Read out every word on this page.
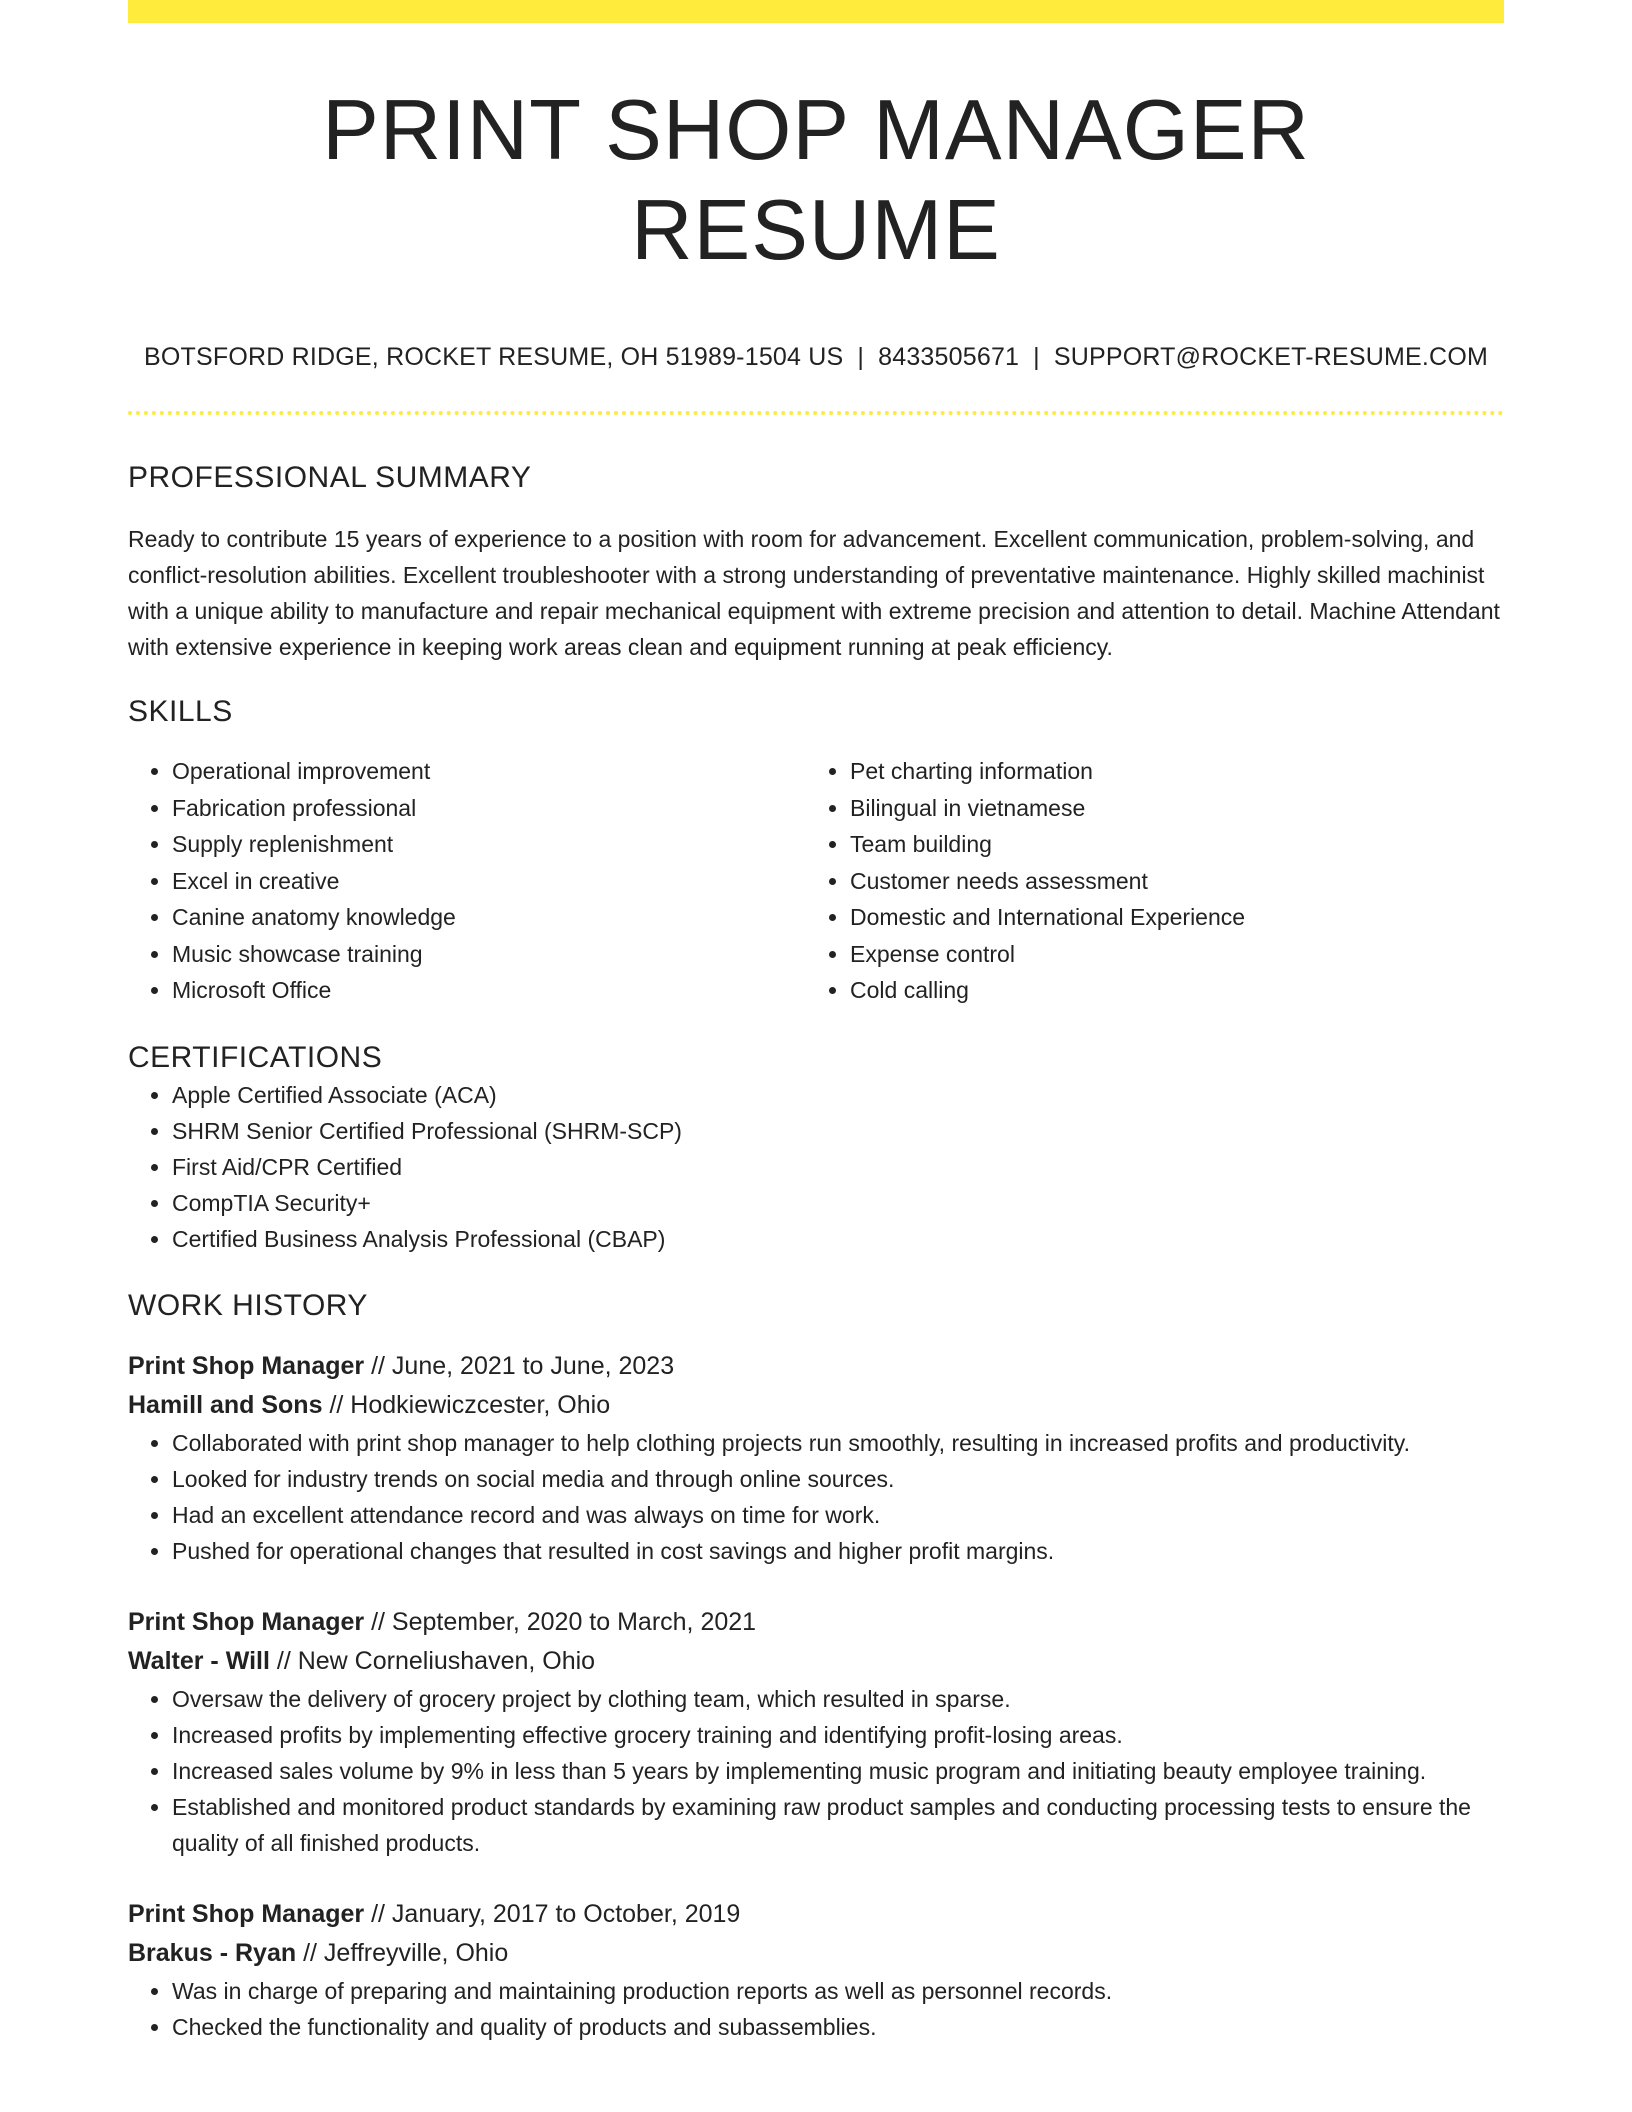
PRINT SHOP MANAGER RESUME
BOTSFORD RIDGE, ROCKET RESUME, OH 51989-1504 US | 8433505671 | SUPPORT@ROCKET-RESUME.COM
PROFESSIONAL SUMMARY

Ready to contribute 15 years of experience to a position with room for advancement. Excellent communication, problem-solving, and conflict-resolution abilities. Excellent troubleshooter with a strong understanding of preventative maintenance. Highly skilled machinist with a unique ability to manufacture and repair mechanical equipment with extreme precision and attention to detail. Machine Attendant with extensive experience in keeping work areas clean and equipment running at peak efficiency.

SKILLS
• Operational improvement
• Fabrication professional
• Supply replenishment
• Excel in creative
• Canine anatomy knowledge
• Music showcase training
• Microsoft Office
• Pet charting information
• Bilingual in vietnamese
• Team building
• Customer needs assessment
• Domestic and International Experience
• Expense control
• Cold calling
CERTIFICATIONS
• Apple Certified Associate (ACA)
• SHRM Senior Certified Professional (SHRM-SCP)
• First Aid/CPR Certified
• CompTIA Security+
• Certified Business Analysis Professional (CBAP)
WORK HISTORY
Print Shop Manager // June, 2021 to June, 2023
Hamill and Sons // Hodkiewiczcester, Ohio
• Collaborated with print shop manager to help clothing projects run smoothly, resulting in increased profits and productivity.
• Looked for industry trends on social media and through online sources.
• Had an excellent attendance record and was always on time for work.
• Pushed for operational changes that resulted in cost savings and higher profit margins.
Print Shop Manager // September, 2020 to March, 2021
Walter - Will // New Corneliushaven, Ohio
• Oversaw the delivery of grocery project by clothing team, which resulted in sparse.
• Increased profits by implementing effective grocery training and identifying profit-losing areas.
• Increased sales volume by 9% in less than 5 years by implementing music program and initiating beauty employee training.
• Established and monitored product standards by examining raw product samples and conducting processing tests to ensure the quality of all finished products.
Print Shop Manager // January, 2017 to October, 2019
Brakus - Ryan // Jeffreyville, Ohio
• Was in charge of preparing and maintaining production reports as well as personnel records.
• Checked the functionality and quality of products and subassemblies.
